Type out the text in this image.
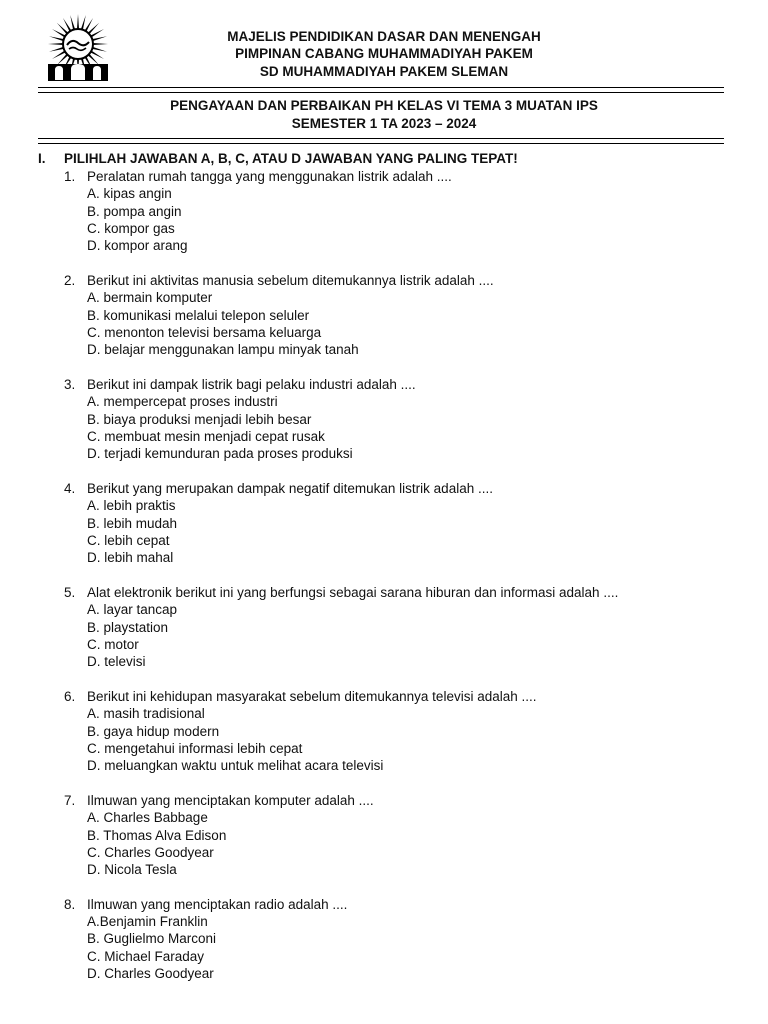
MAJELIS PENDIDIKAN DASAR DAN MENENGAH
PIMPINAN CABANG MUHAMMADIYAH PAKEM
SD MUHAMMADIYAH PAKEM SLEMAN
PENGAYAAN DAN PERBAIKAN PH KELAS VI TEMA 3 MUATAN IPS
SEMESTER 1 TA 2023 – 2024
I. PILIHLAH JAWABAN A, B, C, ATAU D JAWABAN YANG PALING TEPAT!
1. Peralatan rumah tangga yang menggunakan listrik adalah ....
A. kipas angin
B. pompa angin
C. kompor gas
D. kompor arang
2. Berikut ini aktivitas manusia sebelum ditemukannya listrik adalah ....
A. bermain komputer
B. komunikasi melalui telepon seluler
C. menonton televisi bersama keluarga
D. belajar menggunakan lampu minyak tanah
3. Berikut ini dampak listrik bagi pelaku industri adalah ....
A. mempercepat proses industri
B. biaya produksi menjadi lebih besar
C. membuat mesin menjadi cepat rusak
D. terjadi kemunduran pada proses produksi
4. Berikut yang merupakan dampak negatif ditemukan listrik adalah ....
A. lebih praktis
B. lebih mudah
C. lebih cepat
D. lebih mahal
5. Alat elektronik berikut ini yang berfungsi sebagai sarana hiburan dan informasi adalah ....
A. layar tancap
B. playstation
C. motor
D. televisi
6. Berikut ini kehidupan masyarakat sebelum ditemukannya televisi adalah ....
A. masih tradisional
B. gaya hidup modern
C. mengetahui informasi lebih cepat
D. meluangkan waktu untuk melihat acara televisi
7. Ilmuwan yang menciptakan komputer adalah ....
A. Charles Babbage
B. Thomas Alva Edison
C. Charles Goodyear
D. Nicola Tesla
8. Ilmuwan yang menciptakan radio adalah ....
A.Benjamin Franklin
B. Guglielmo Marconi
C. Michael Faraday
D. Charles Goodyear
